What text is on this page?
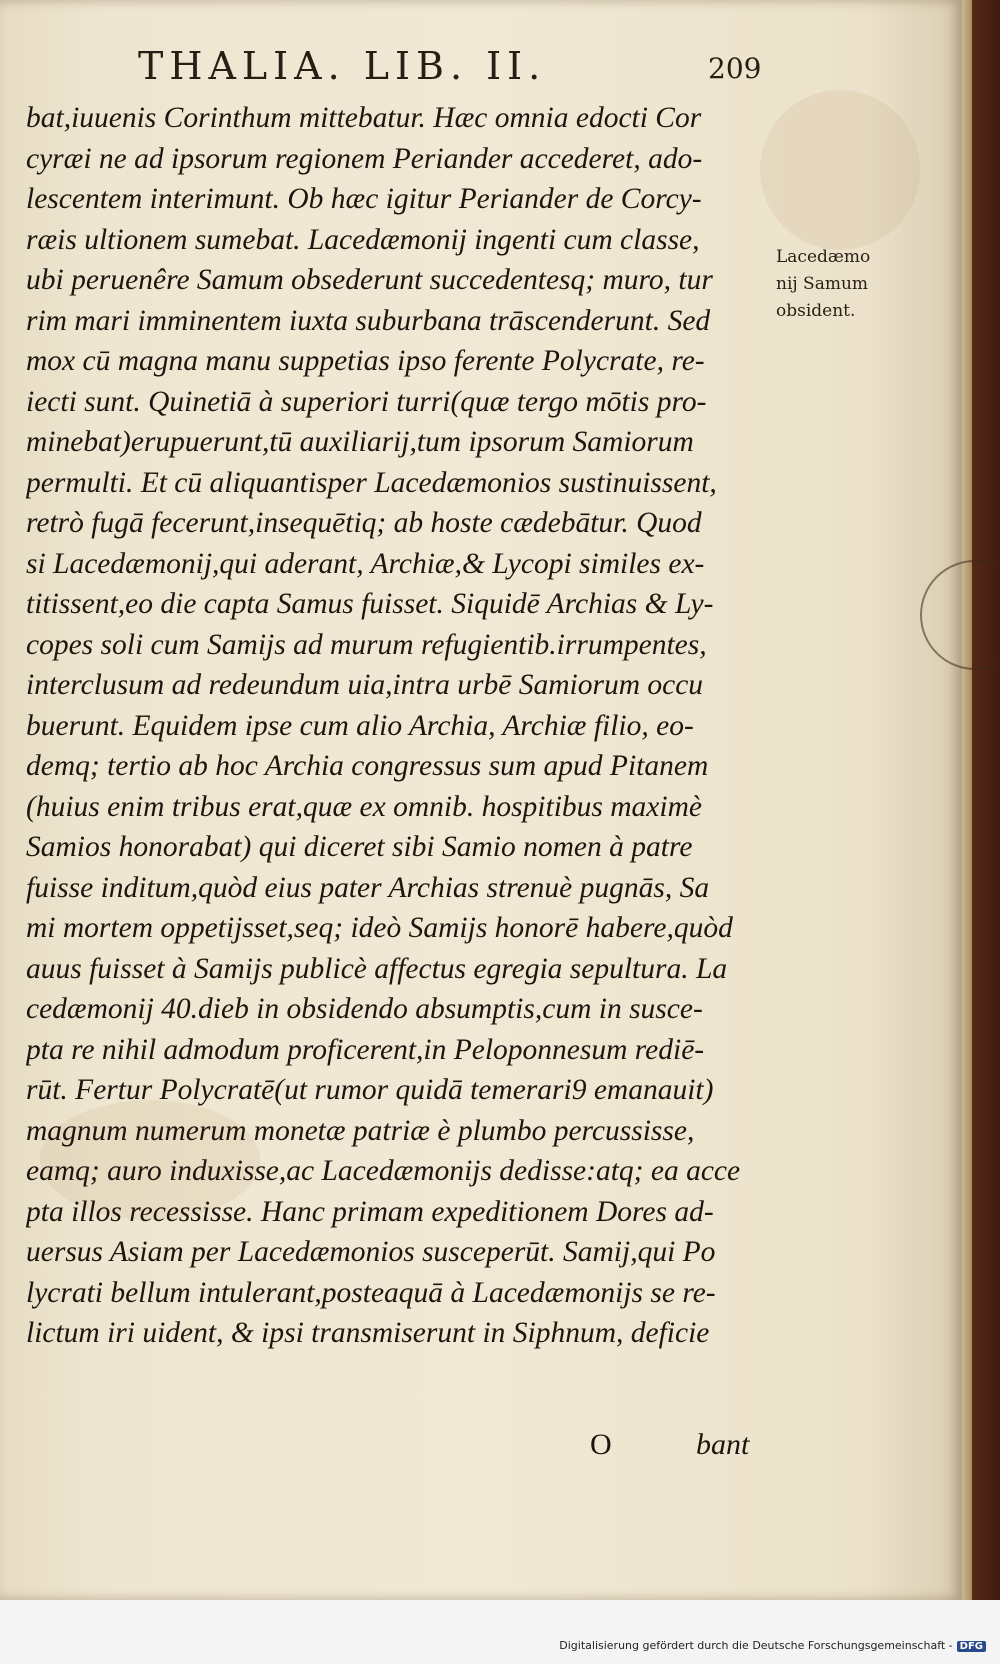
THALIA. LIB. II.	209
bat,iuuenis Corinthum mittebatur. Hæc omnia edocti Cor
cyræi ne ad ipsorum regionem Periander accederet, ado-
lescentem interimunt. Ob hæc igitur Periander de Corcy-
ræis ultionem sumebat. Lacedæmonij ingenti cum classe,
ubi peruenêre Samum obsederunt succedentesq; muro, tur
rim mari imminentem iuxta suburbana trāscenderunt. Sed
mox cū magna manu suppetias ipso ferente Polycrate, re-
iecti sunt. Quinetiā à superiori turri(quæ tergo mōtis pro-
minebat)erupuerunt,tū auxiliarij,tum ipsorum Samiorum
permulti. Et cū aliquantisper Lacedæmonios sustinuissent,
retrò fugā fecerunt,insequētiq; ab hoste cædebātur. Quod
si Lacedæmonij,qui aderant, Archiæ,& Lycopi similes ex-
titissent,eo die capta Samus fuisset. Siquidē Archias & Ly-
copes soli cum Samijs ad murum refugientib.irrumpentes,
interclusum ad redeundum uia,intra urbē Samiorum occu
buerunt. Equidem ipse cum alio Archia, Archiæ filio, eo-
demq; tertio ab hoc Archia congressus sum apud Pitanem
(huius enim tribus erat,quæ ex omnib. hospitibus maximè
Samios honorabat) qui diceret sibi Samio nomen à patre
fuisse inditum,quòd eius pater Archias strenuè pugnās, Sa
mi mortem oppetijsset,seq; ideò Samijs honorē habere,quòd
auus fuisset à Samijs publicè affectus egregia sepultura. La
cedæmonij 40.dieb in obsidendo absumptis,cum in susce-
pta re nihil admodum proficerent,in Peloponnesum rediē-
rūt. Fertur Polycratē(ut rumor quidā temerari9 emanauit)
magnum numerum monetæ patriæ è plumbo percussisse,
eamq; auro induxisse,ac Lacedæmonijs dedisse:atq; ea acce
pta illos recessisse. Hanc primam expeditionem Dores ad-
uersus Asiam per Lacedæmonios susceperūt. Samij,qui Po
lycrati bellum intulerant,posteaquā à Lacedæmonijs se re-
lictum iri uident, & ipsi transmiserunt in Siphnum, deficie
Lacedæmo
nij Samum
obsident.
O	bant
Digitalisierung gefördert durch die Deutsche Forschungsgemeinschaft - DFG
